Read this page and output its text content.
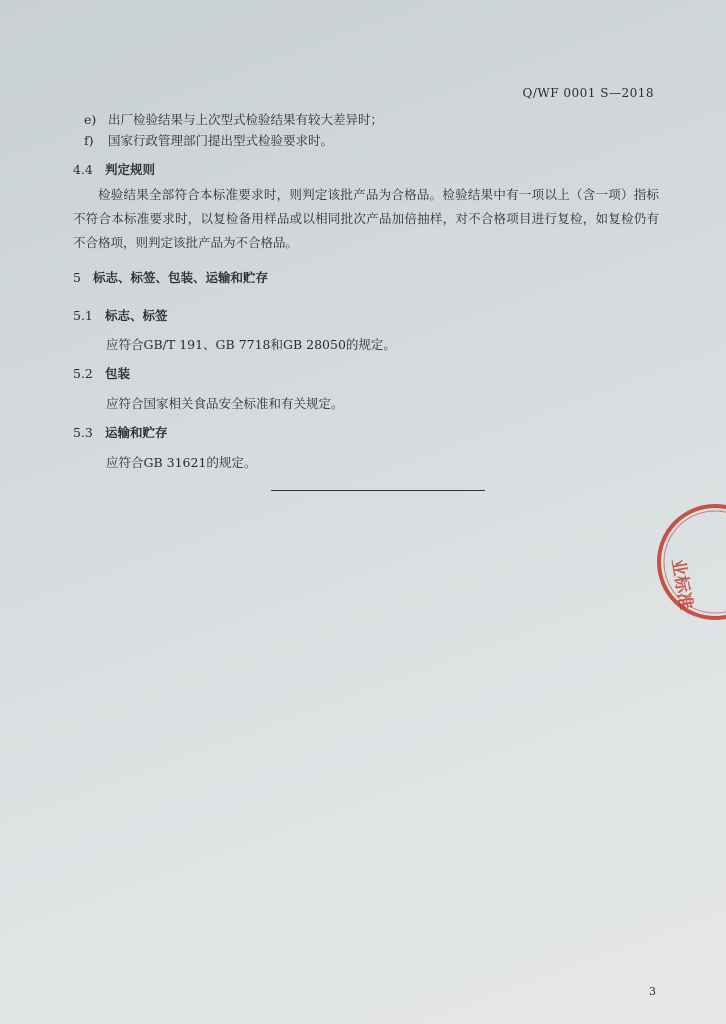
Q/WF 0001 S—2018
e) 出厂检验结果与上次型式检验结果有较大差异时；
f) 国家行政管理部门提出型式检验要求时。
4.4 判定规则
检验结果全部符合本标准要求时，则判定该批产品为合格品。检验结果中有一项以上（含一项）指标不符合本标准要求时，以复检备用样品或以相同批次产品加倍抽样，对不合格项目进行复检，如复检仍有不合格项，则判定该批产品为不合格品。
5 标志、标签、包装、运输和贮存
5.1 标志、标签
应符合GB/T 191、GB 7718和GB 28050的规定。
5.2 包装
应符合国家相关食品安全标准和有关规定。
5.3 运输和贮存
应符合GB 31621的规定。
业标准
3
